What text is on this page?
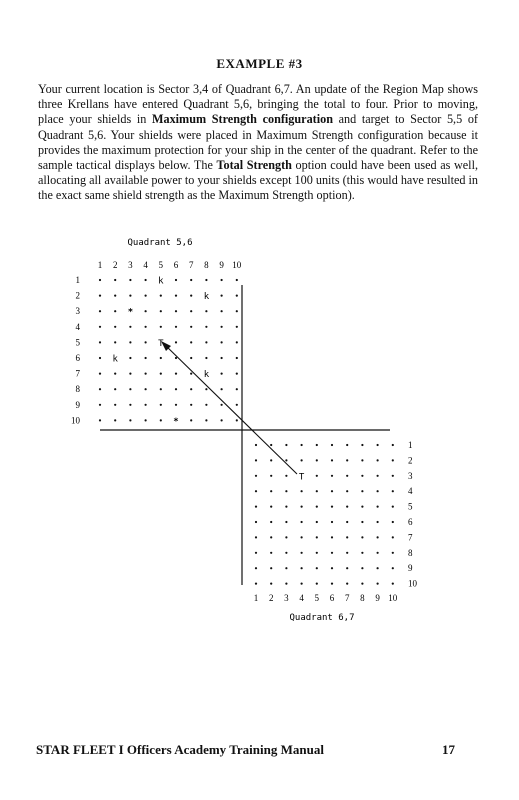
EXAMPLE #3

Your current location is Sector 3,4 of Quadrant 6,7. An update of the Region Map shows three Krellans have entered Quadrant 5,6, bringing the total to four. Prior to moving, place your shields in Maximum Strength configuration and target to Sector 5,5 of Quadrant 5,6. Your shields were placed in Maximum Strength configuration because it provides the maximum protection for your ship in the center of the quadrant. Refer to the sample tactical displays below. The Total Strength option could have been used as well, allocating all available power to your shields except 100 units (this would have resulted in the exact same shield strength as the Maximum Strength option).

Quadrant 5,6
Quadrant 6,7
1 2 3 4 5 6 7 8 9 10
1
2
3
4
5
6
7
8
9
10
k
k
*
T
k
k
*
1 2 3 4 5 6 7 8 9 10
1
2
3
4
5
6
7
8
9
10
T
STAR FLEET I Officers Academy Training Manual	17
